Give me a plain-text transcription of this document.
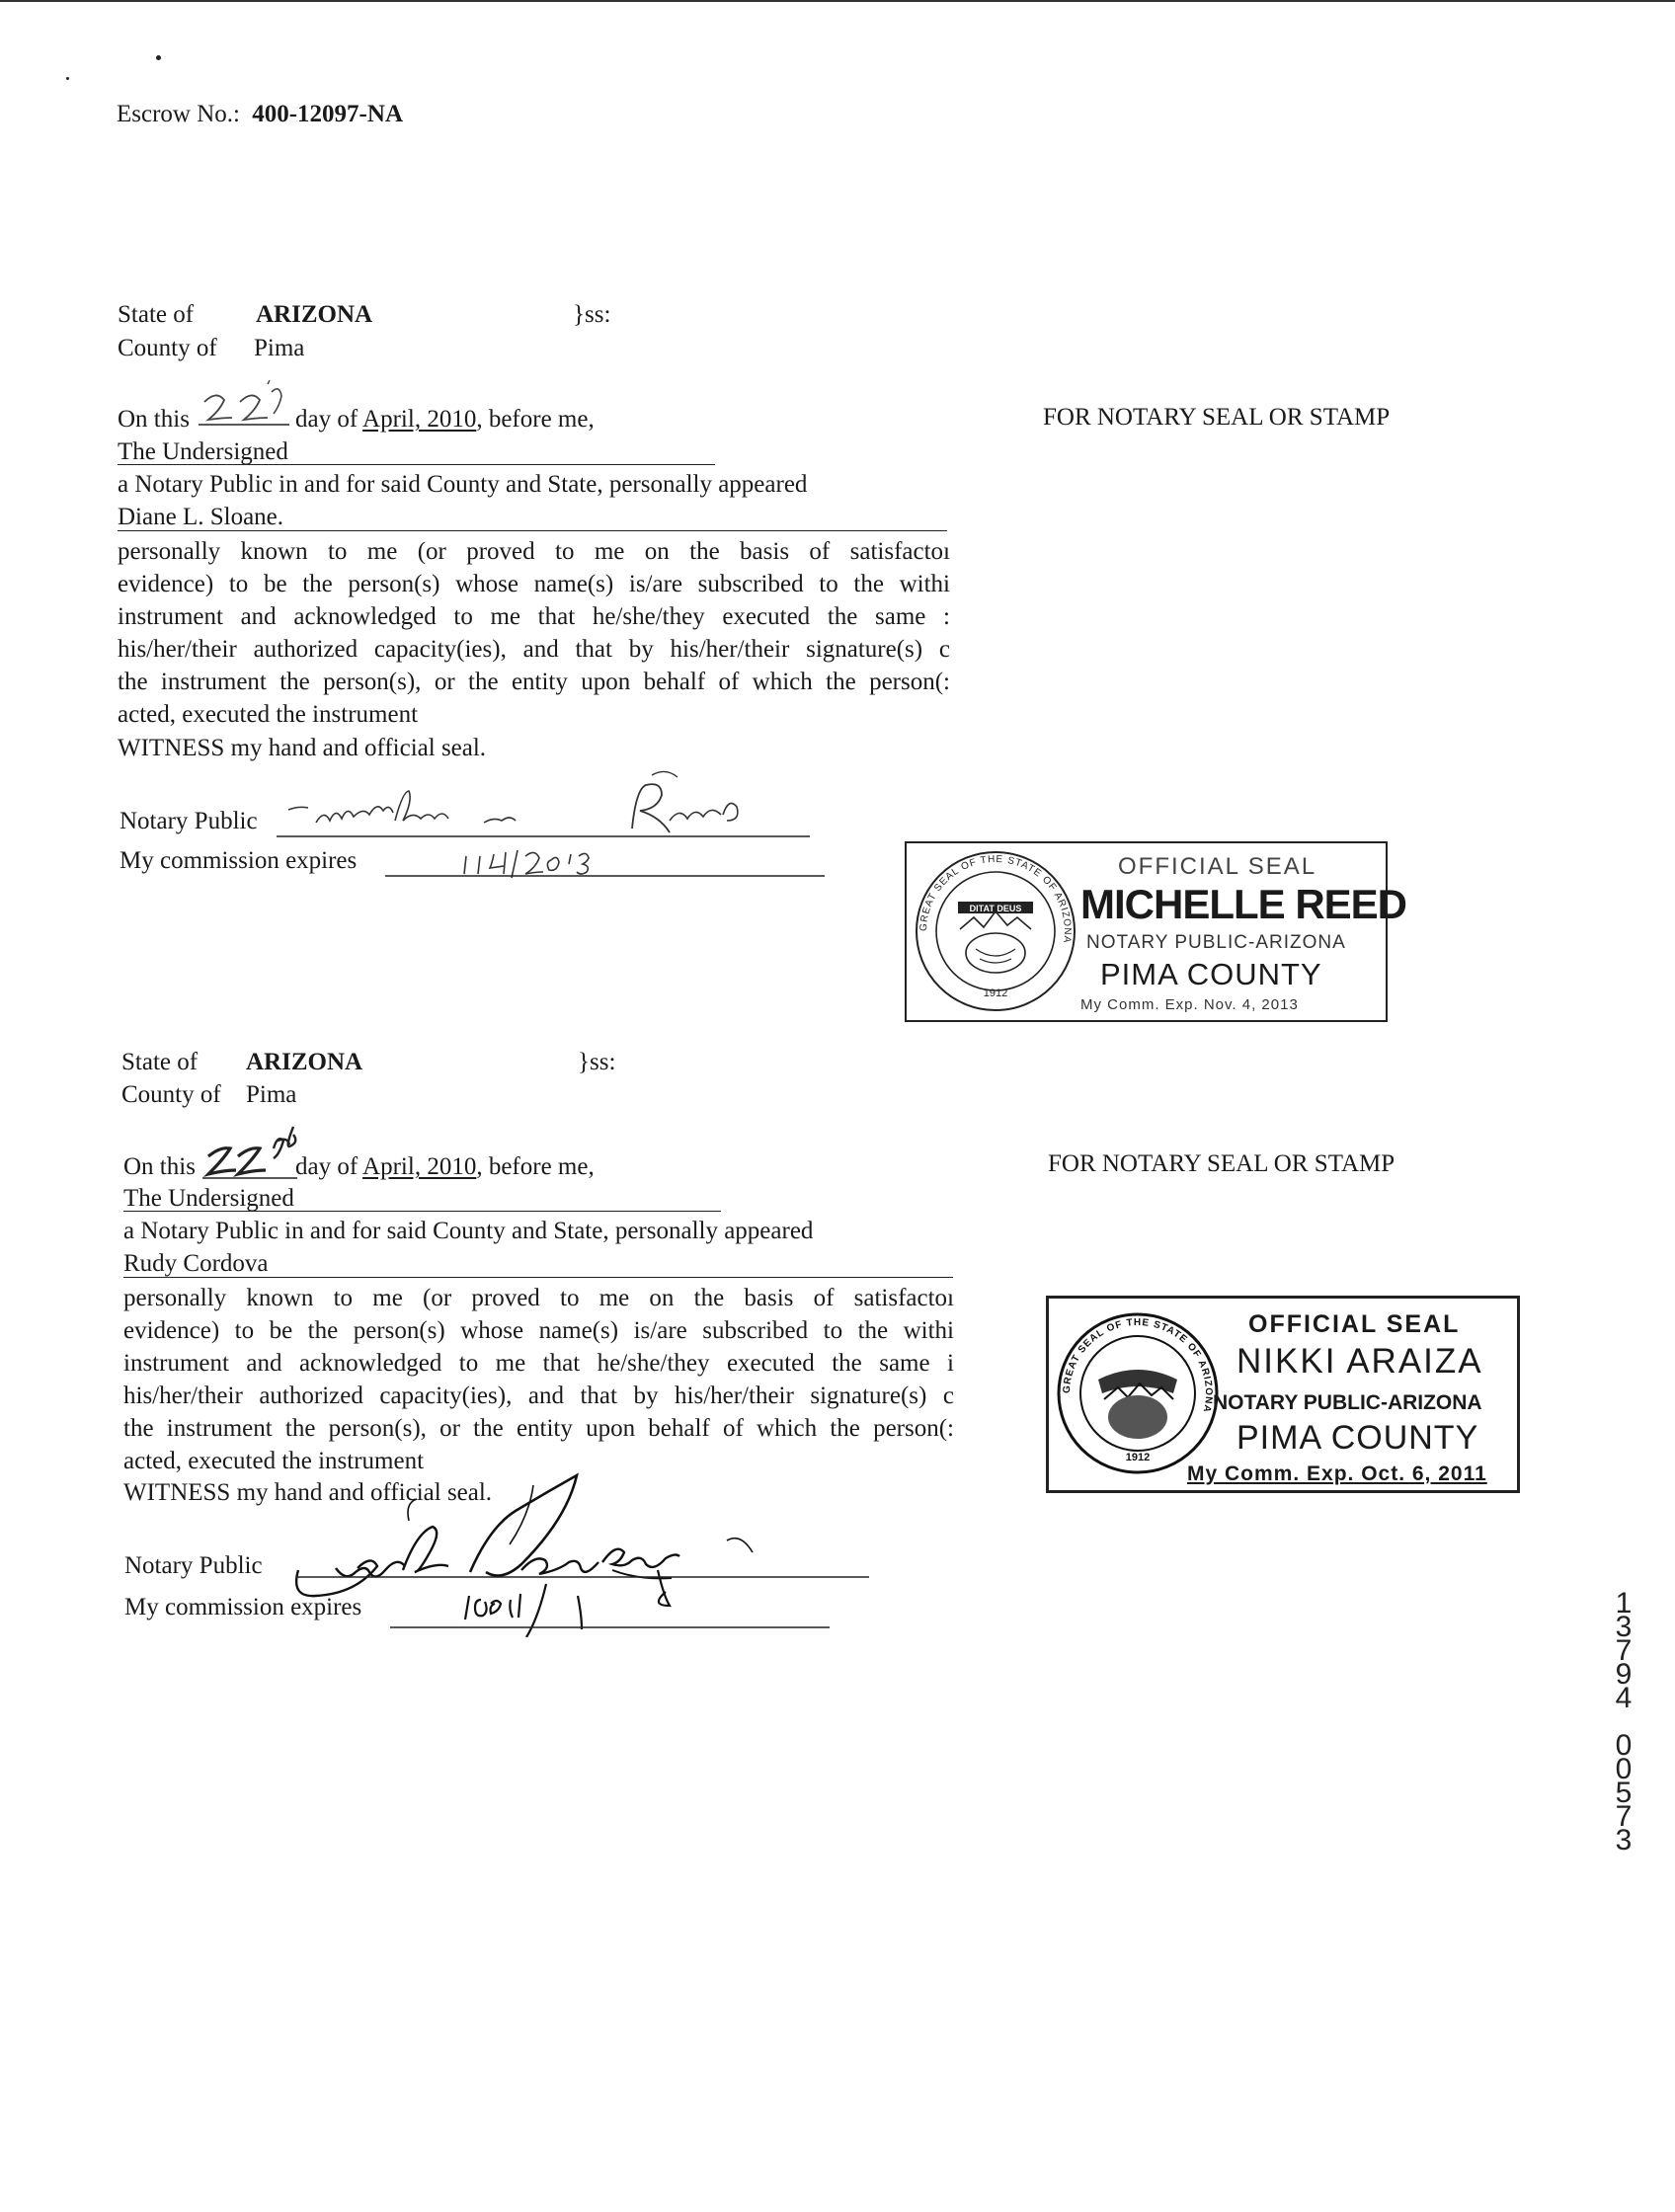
Escrow No.: 400-12097-NA
State of	ARIZONA	}ss:
County of Pima
On this	day of April, 2010, before me,
The Undersigned
a Notary Public in and for said County and State, personally appeared
Diane L. Sloane.
personally known to me (or proved to me on the basis of satisfactoı
evidence) to be the person(s) whose name(s) is/are subscribed to the withi
instrument and acknowledged to me that he/she/they executed the same :
his/her/their authorized capacity(ies), and that by his/her/their signature(s) c
the instrument the person(s), or the entity upon behalf of which the person(:
acted, executed the instrument
WITNESS my hand and official seal.
Notary Public
My commission expires
FOR NOTARY SEAL OR STAMP
GREAT SEAL OF THE STATE OF ARIZONA
DITAT DEUS
1912
OFFICIAL SEAL
MICHELLE REED
NOTARY PUBLIC-ARIZONA
PIMA COUNTY
My Comm. Exp. Nov. 4, 2013
State of ARIZONA	}ss:
County of Pima
On this	day of April, 2010, before me,
The Undersigned
a Notary Public in and for said County and State, personally appeared
Rudy Cordova
personally known to me (or proved to me on the basis of satisfactoı
evidence) to be the person(s) whose name(s) is/are subscribed to the withi
instrument and acknowledged to me that he/she/they executed the same i
his/her/their authorized capacity(ies), and that by his/her/their signature(s) c
the instrument the person(s), or the entity upon behalf of which the person(:
acted, executed the instrument
WITNESS my hand and official seal.
Notary Public
My commission expires
FOR NOTARY SEAL OR STAMP
GREAT SEAL OF THE STATE OF ARIZONA
1912
OFFICIAL SEAL
NIKKI ARAIZA
NOTARY PUBLIC-ARIZONA
PIMA COUNTY
My Comm. Exp. Oct. 6, 2011
1
3
7
9
4
0
0
5
7
3
